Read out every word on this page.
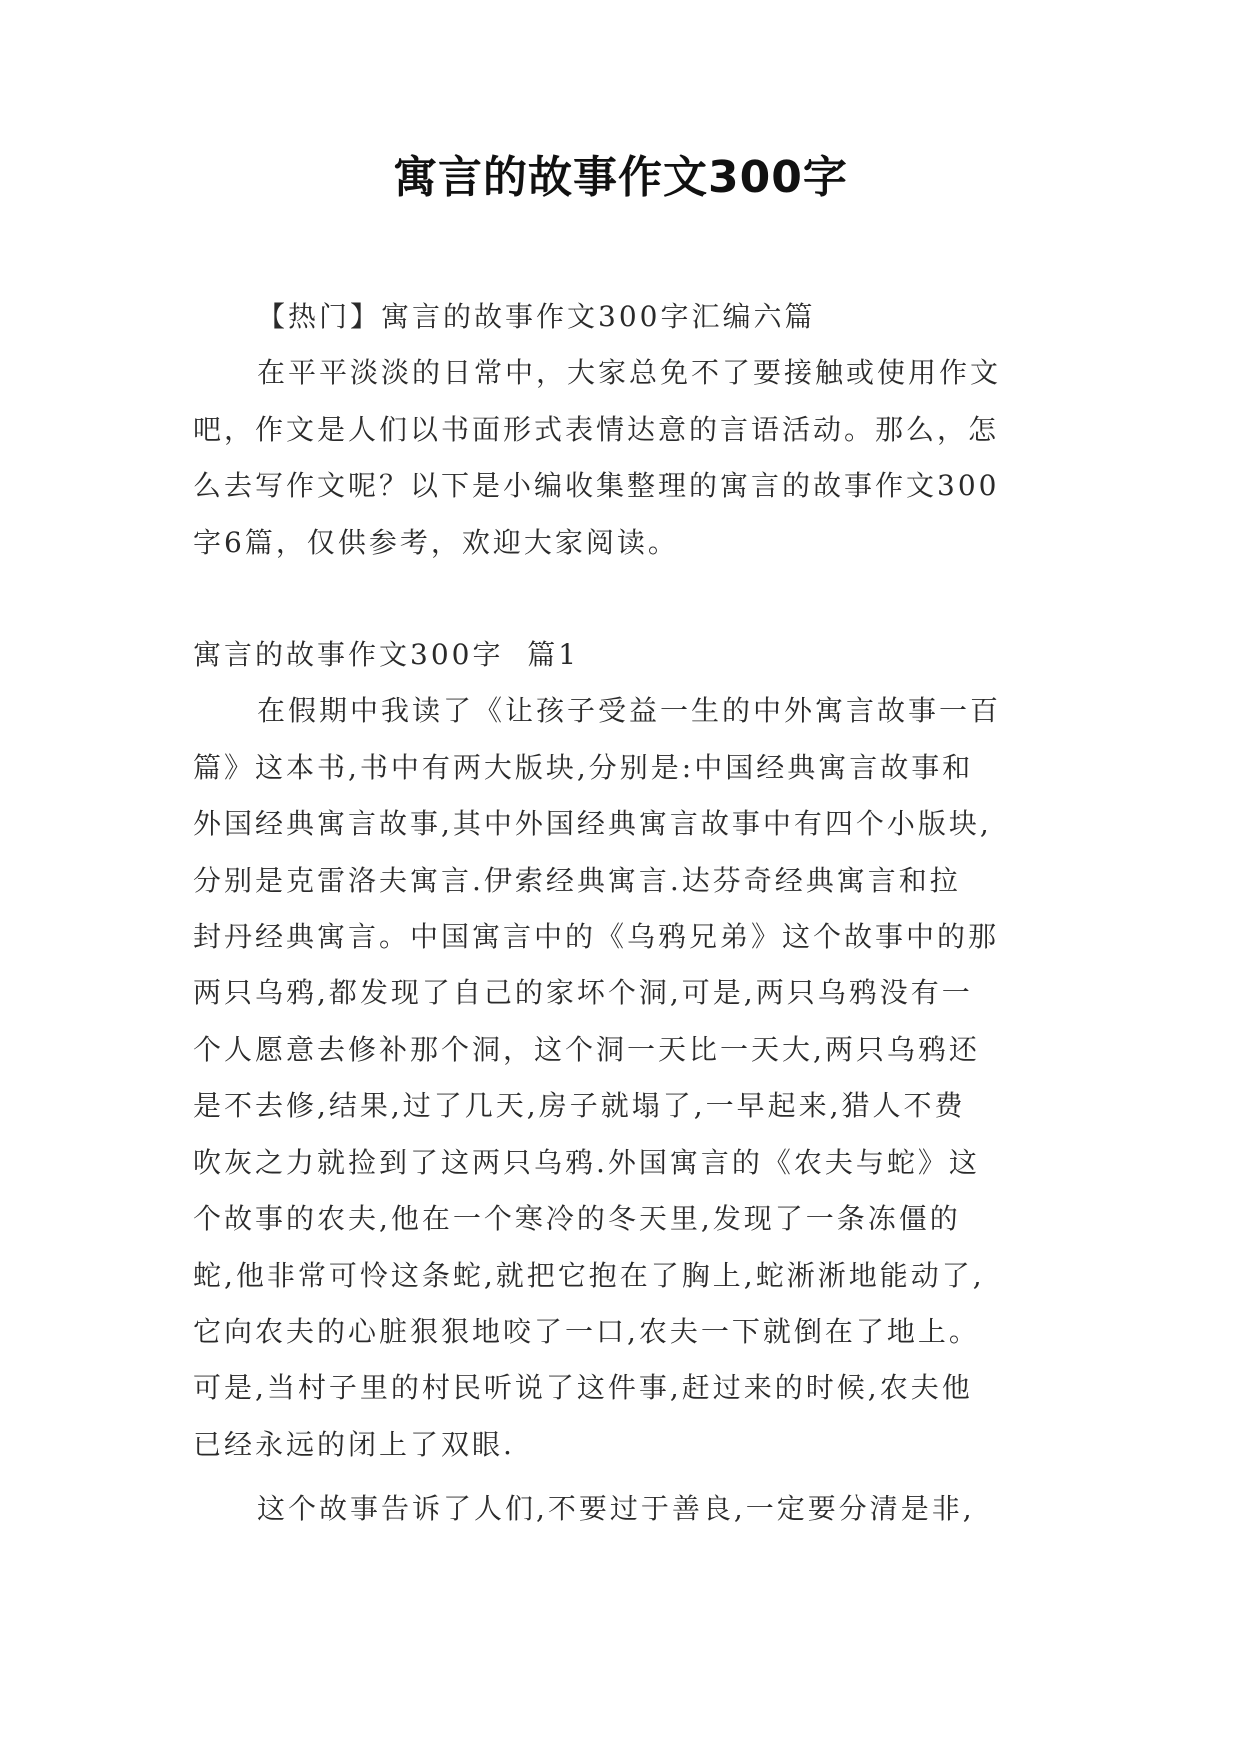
寓言的故事作文300字

【热门】寓言的故事作文300字汇编六篇

在平平淡淡的日常中，大家总免不了要接触或使用作文
吧，作文是人们以书面形式表情达意的言语活动。那么，怎
么去写作文呢？以下是小编收集整理的寓言的故事作文300
字6篇，仅供参考，欢迎大家阅读。

寓言的故事作文300字  篇1

在假期中我读了《让孩子受益一生的中外寓言故事一百
篇》这本书,书中有两大版块,分别是:中国经典寓言故事和
外国经典寓言故事,其中外国经典寓言故事中有四个小版块,
分别是克雷洛夫寓言.伊索经典寓言.达芬奇经典寓言和拉
封丹经典寓言。中国寓言中的《乌鸦兄弟》这个故事中的那
两只乌鸦,都发现了自己的家坏个洞,可是,两只乌鸦没有一
个人愿意去修补那个洞，这个洞一天比一天大,两只乌鸦还
是不去修,结果,过了几天,房子就塌了,一早起来,猎人不费
吹灰之力就捡到了这两只乌鸦.外国寓言的《农夫与蛇》这
个故事的农夫,他在一个寒冷的冬天里,发现了一条冻僵的
蛇,他非常可怜这条蛇,就把它抱在了胸上,蛇淅淅地能动了,
它向农夫的心脏狠狠地咬了一口,农夫一下就倒在了地上。
可是,当村子里的村民听说了这件事,赶过来的时候,农夫他
已经永远的闭上了双眼.

这个故事告诉了人们,不要过于善良,一定要分清是非,
